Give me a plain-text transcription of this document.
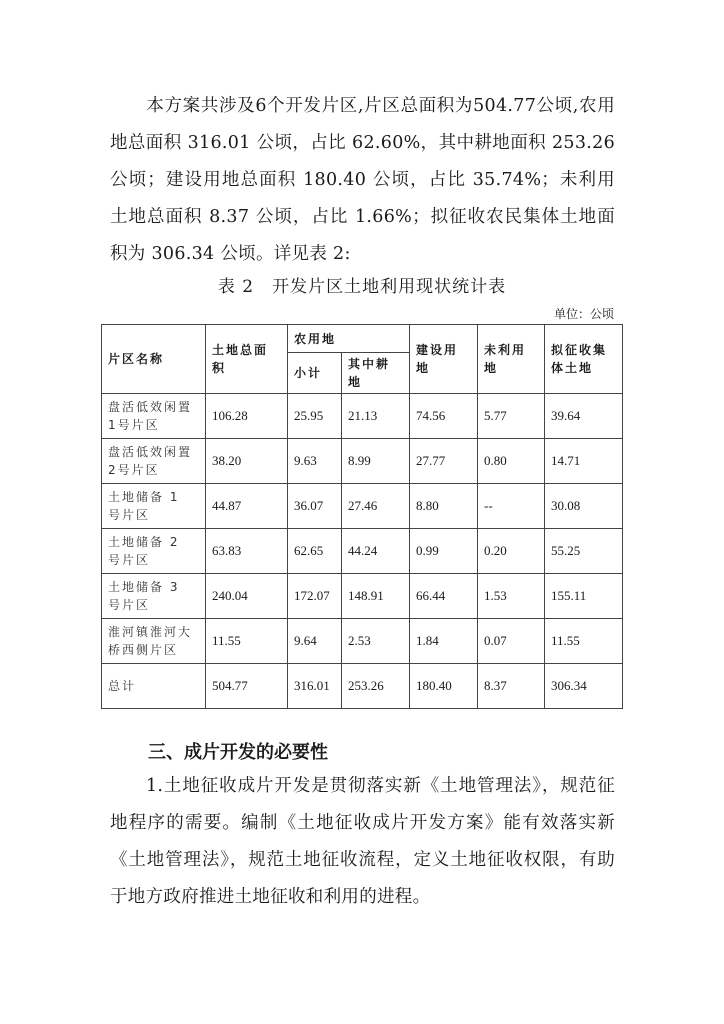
本方案共涉及6个开发片区,片区总面积为504.77公顷,农用地总面积 316.01 公顷，占比 62.60%，其中耕地面积 253.26 公顷；建设用地总面积 180.40 公顷，占比 35.74%；未利用土地总面积 8.37 公顷，占比 1.66%；拟征收农民集体土地面积为 306.34 公顷。详见表 2:

表 2　开发片区土地利用现状统计表
单位：公顷
片区名称	土地总面积	农用地		建设用地	未利用地	拟征收集体土地
		小计	其中耕地			
盘活低效闲置1号片区	106.28	25.95	21.13	74.56	5.77	39.64
盘活低效闲置2号片区	38.20	9.63	8.99	27.77	0.80	14.71
土地储备 1 号片区	44.87	36.07	27.46	8.80	--	30.08
土地储备 2 号片区	63.83	62.65	44.24	0.99	0.20	55.25
土地储备 3 号片区	240.04	172.07	148.91	66.44	1.53	155.11
淮河镇淮河大桥西侧片区	11.55	9.64	2.53	1.84	0.07	11.55
总计	504.77	316.01	253.26	180.40	8.37	306.34
三、成片开发的必要性

1.土地征收成片开发是贯彻落实新《土地管理法》，规范征地程序的需要。编制《土地征收成片开发方案》能有效落实新《土地管理法》，规范土地征收流程，定义土地征收权限，有助于地方政府推进土地征收和利用的进程。
